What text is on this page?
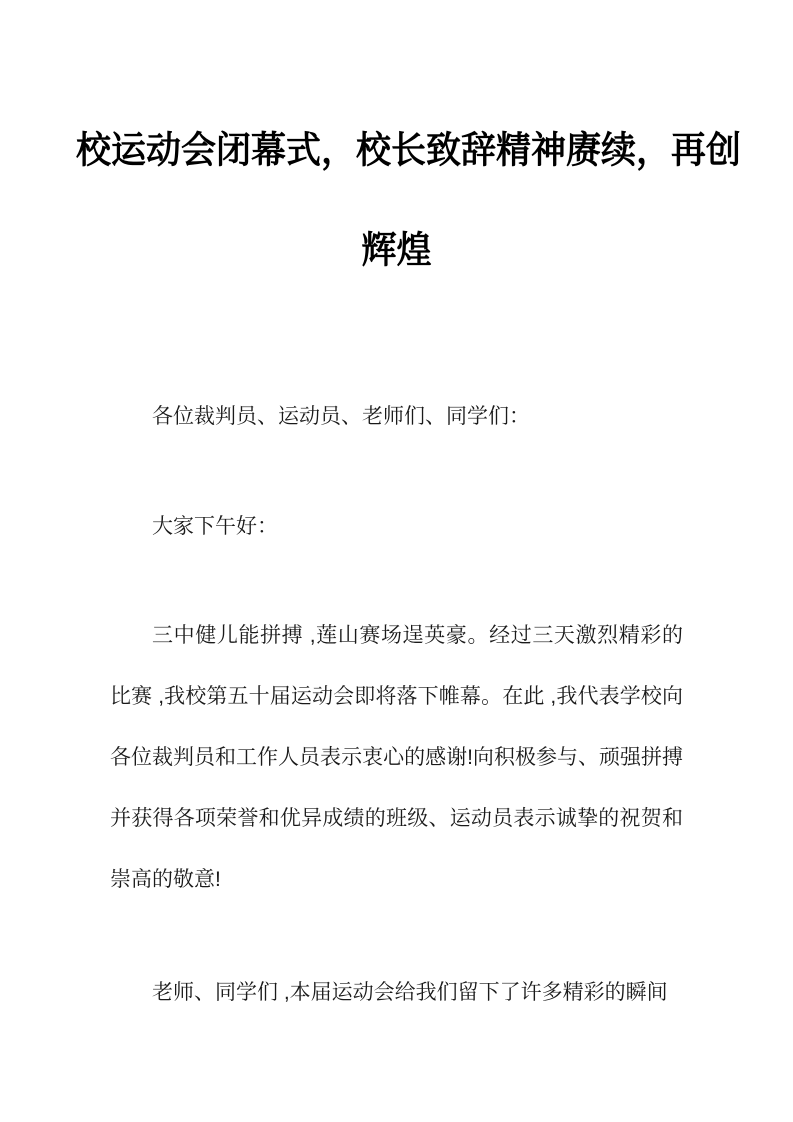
校运动会闭幕式，校长致辞精神赓续，再创
辉煌

各位裁判员、运动员、老师们、同学们：

大家下午好：

三中健儿能拼搏 ,莲山赛场逞英豪。经过三天激烈精彩的比赛 ,我校第五十届运动会即将落下帷幕。在此 ,我代表学校向各位裁判员和工作人员表示衷心的感谢!向积极参与、顽强拼搏并获得各项荣誉和优异成绩的班级、运动员表示诚挚的祝贺和崇高的敬意!

老师、同学们 ,本届运动会给我们留下了许多精彩的瞬间
